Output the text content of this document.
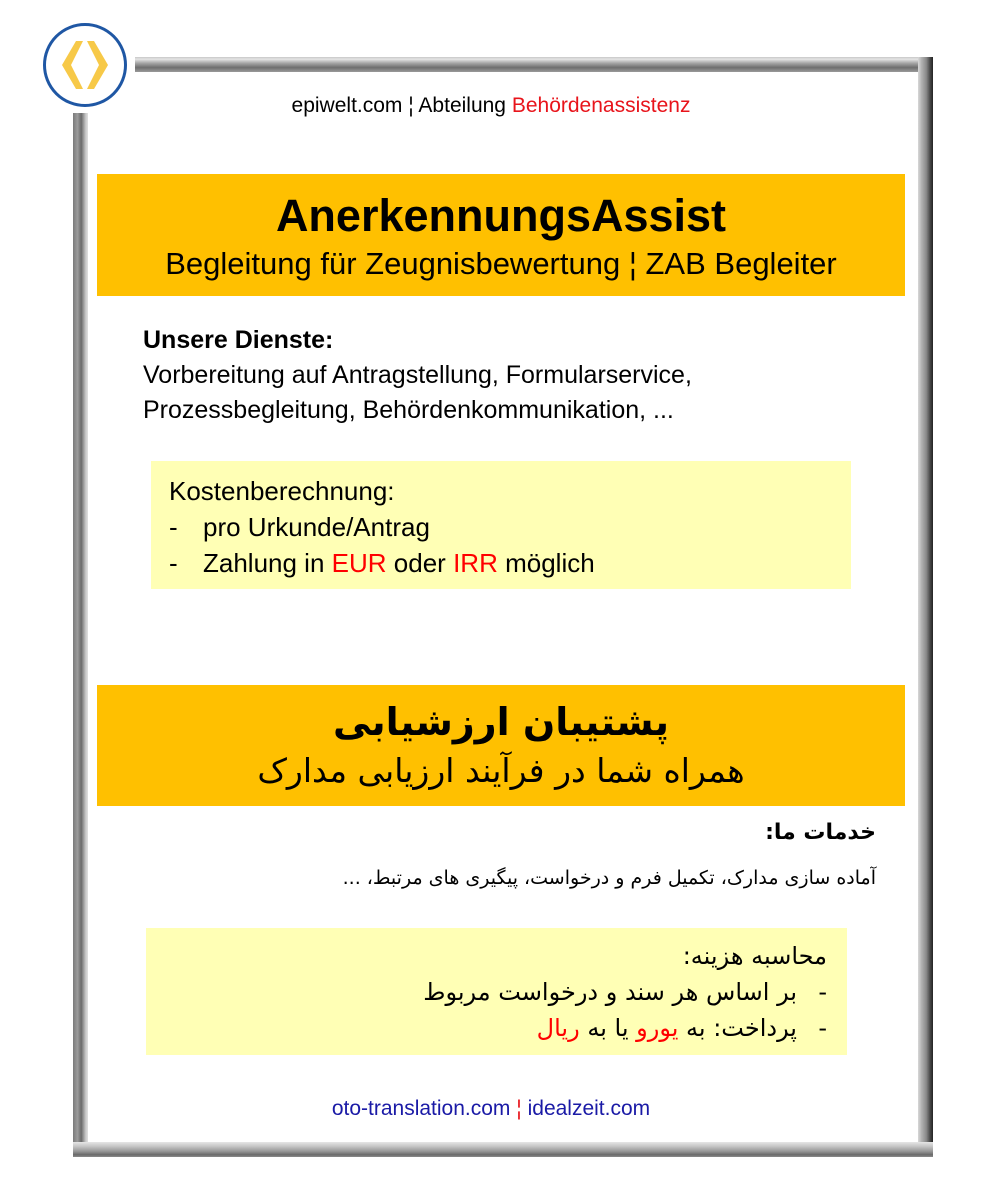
epiwelt.com ¦ Abteilung Behördenassistenz
AnerkennungsAssist
Begleitung für Zeugnisbewertung ¦ ZAB Begleiter
Unsere Dienste:
Vorbereitung auf Antragstellung, Formularservice,
Prozessbegleitung, Behördenkommunikation, ...
Kostenberechnung:
- pro Urkunde/Antrag
- Zahlung in EUR oder IRR möglich
پشتیبان ارزشیابی
همراه شما در فرآیند ارزیابی مدارک
خدمات ما:
آماده سازی مدارک، تکمیل فرم و درخواست، پیگیری های مرتبط، ...
محاسبه هزینه:
-بر اساس هر سند و درخواست مربوط
-پرداخت: به یورو یا به ریال
oto-translation.com ¦ idealzeit.com
